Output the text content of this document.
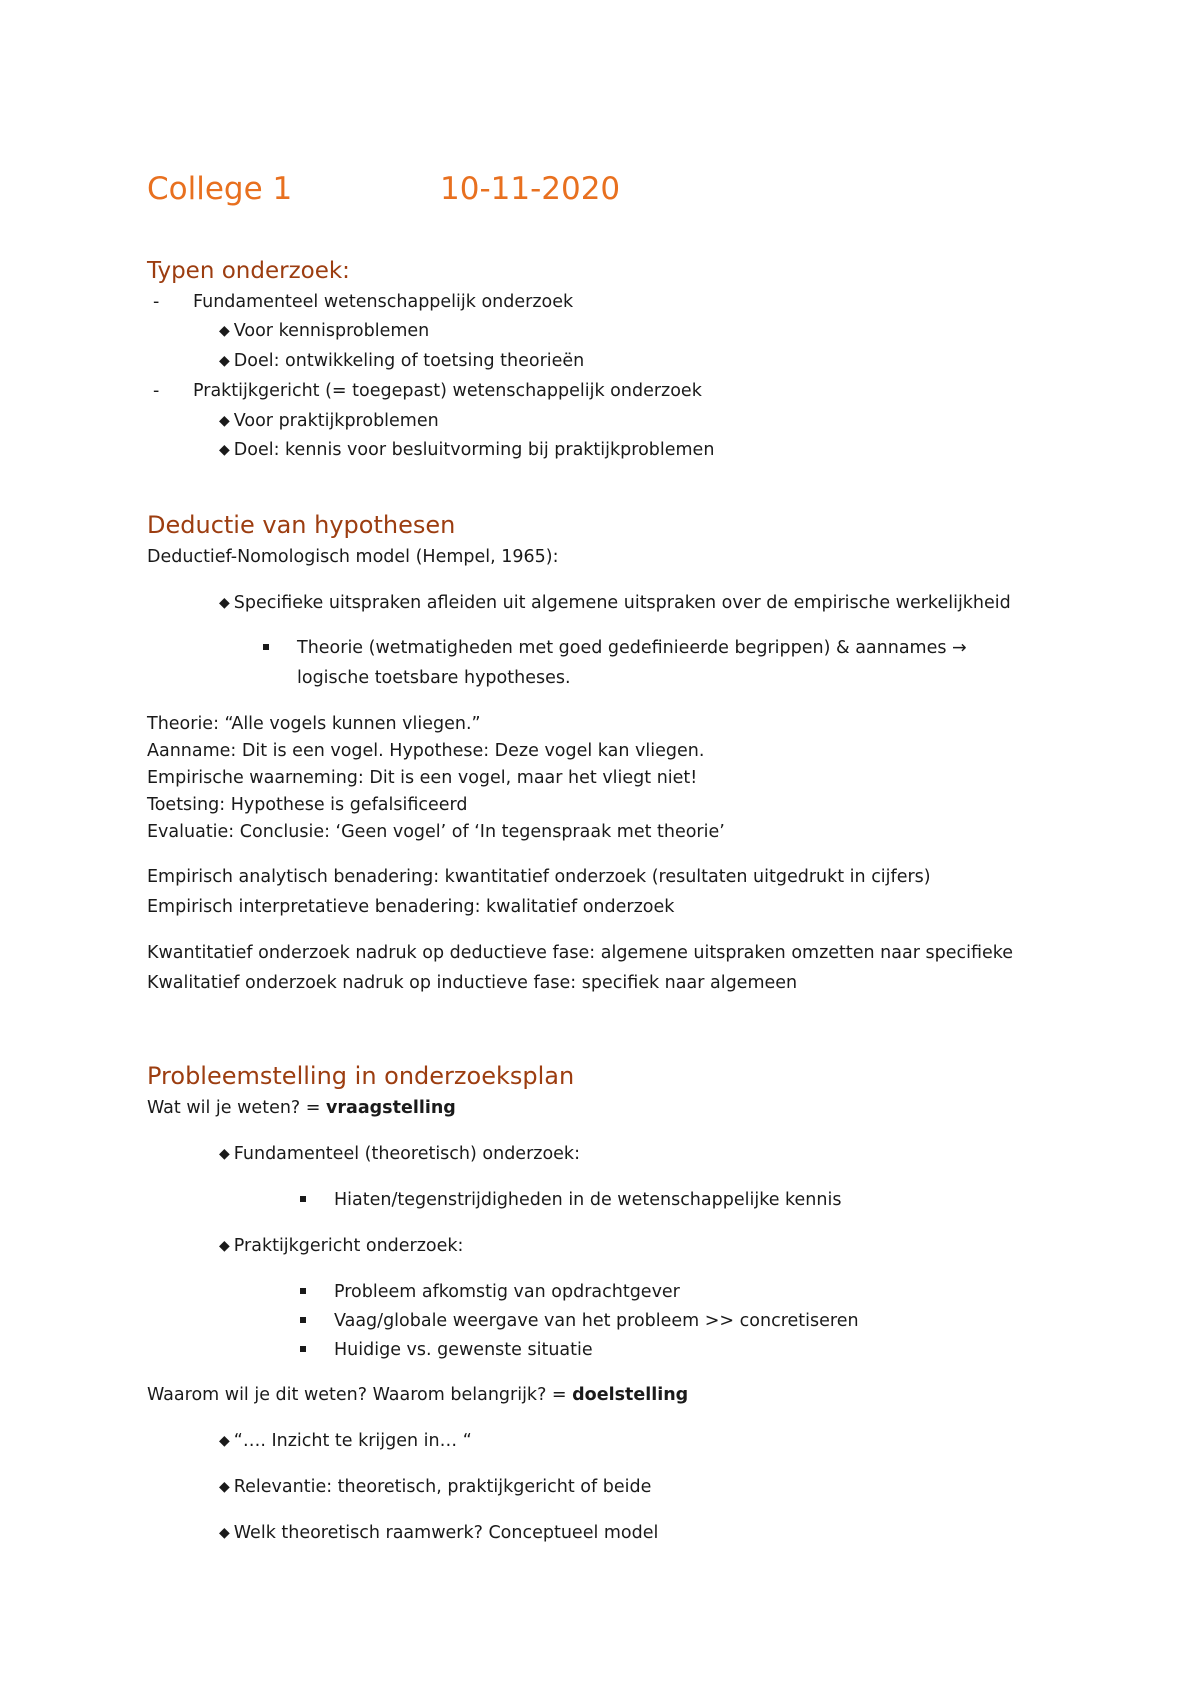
College 1	10-11-2020
Typen onderzoek:
- Fundamenteel wetenschappelijk onderzoek
◆ Voor kennisproblemen
◆ Doel: ontwikkeling of toetsing theorieën
- Praktijkgericht (= toegepast) wetenschappelijk onderzoek
◆ Voor praktijkproblemen
◆ Doel: kennis voor besluitvorming bij praktijkproblemen
Deductie van hypothesen
Deductief-Nomologisch model (Hempel, 1965):
◆ Specifieke uitspraken afleiden uit algemene uitspraken over de empirische werkelijkheid
Theorie (wetmatigheden met goed gedefinieerde begrippen) & aannames →
logische toetsbare hypotheses.
Theorie: “Alle vogels kunnen vliegen.”
Aanname: Dit is een vogel. Hypothese: Deze vogel kan vliegen.
Empirische waarneming: Dit is een vogel, maar het vliegt niet!
Toetsing: Hypothese is gefalsificeerd
Evaluatie: Conclusie: ‘Geen vogel’ of ‘In tegenspraak met theorie’
Empirisch analytisch benadering: kwantitatief onderzoek (resultaten uitgedrukt in cijfers)
Empirisch interpretatieve benadering: kwalitatief onderzoek
Kwantitatief onderzoek nadruk op deductieve fase: algemene uitspraken omzetten naar specifieke
Kwalitatief onderzoek nadruk op inductieve fase: specifiek naar algemeen
Probleemstelling in onderzoeksplan
Wat wil je weten? = vraagstelling
◆ Fundamenteel (theoretisch) onderzoek:
Hiaten/tegenstrijdigheden in de wetenschappelijke kennis
◆ Praktijkgericht onderzoek:
Probleem afkomstig van opdrachtgever
Vaag/globale weergave van het probleem >> concretiseren
Huidige vs. gewenste situatie
Waarom wil je dit weten? Waarom belangrijk? = doelstelling
◆ “…. Inzicht te krijgen in… “
◆ Relevantie: theoretisch, praktijkgericht of beide
◆ Welk theoretisch raamwerk? Conceptueel model
